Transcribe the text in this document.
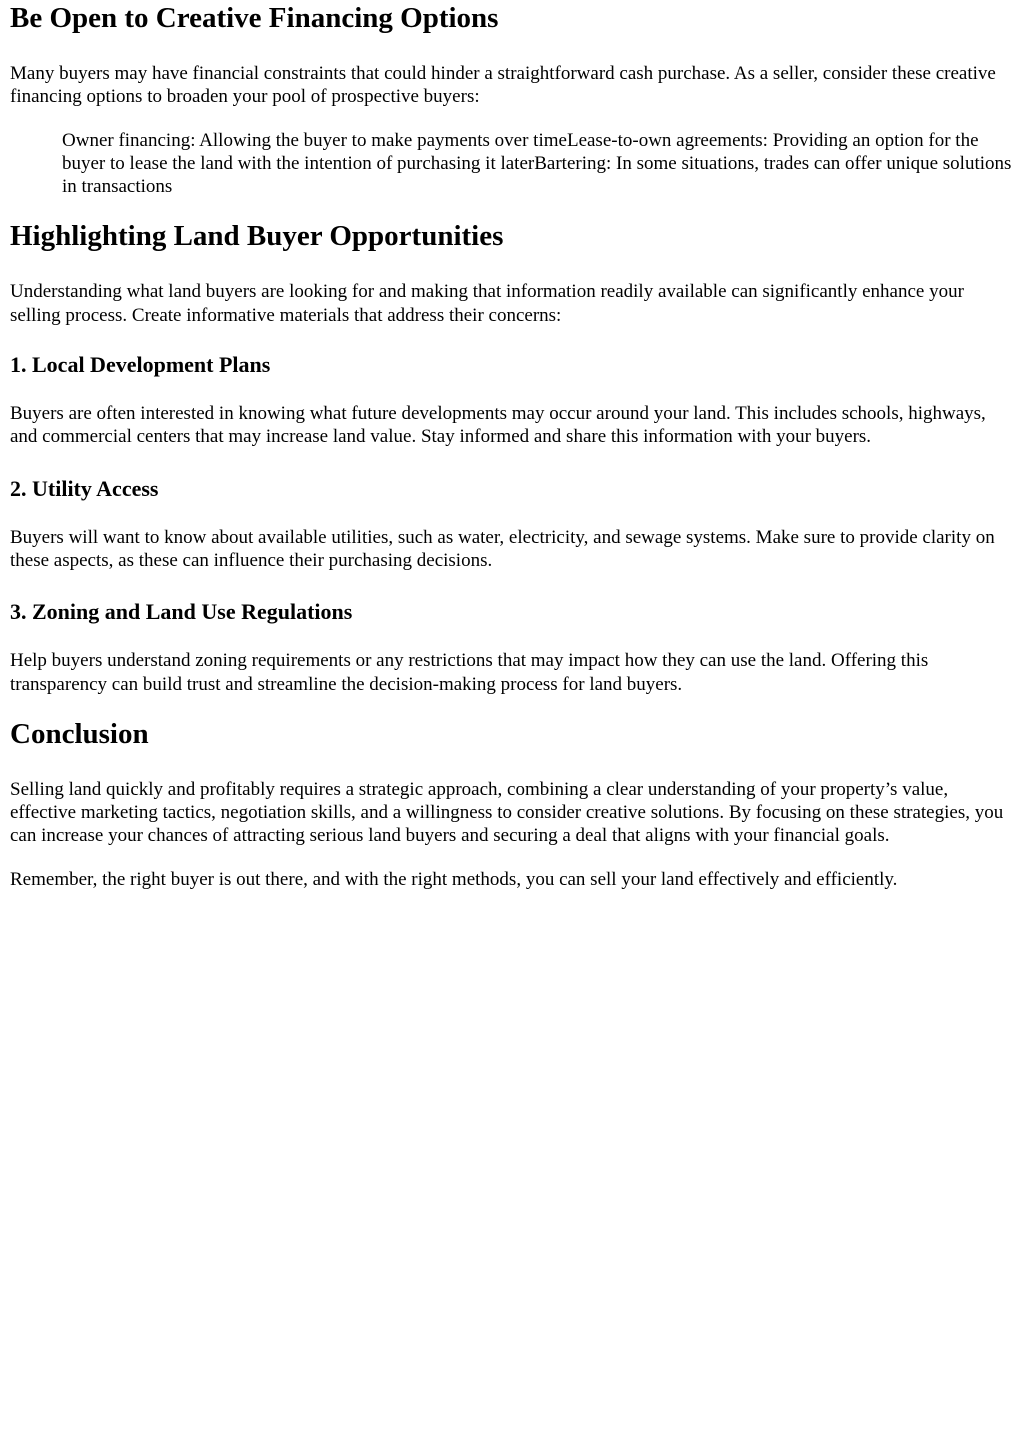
Be Open to Creative Financing Options

Many buyers may have financial constraints that could hinder a straightforward cash purchase. As a seller, consider these creative financing options to broaden your pool of prospective buyers:

Owner financing: Allowing the buyer to make payments over timeLease-to-own agreements: Providing an option for the buyer to lease the land with the intention of purchasing it laterBartering: In some situations, trades can offer unique solutions in transactions
Highlighting Land Buyer Opportunities

Understanding what land buyers are looking for and making that information readily available can significantly enhance your selling process. Create informative materials that address their concerns:

1. Local Development Plans

Buyers are often interested in knowing what future developments may occur around your land. This includes schools, highways, and commercial centers that may increase land value. Stay informed and share this information with your buyers.

2. Utility Access

Buyers will want to know about available utilities, such as water, electricity, and sewage systems. Make sure to provide clarity on these aspects, as these can influence their purchasing decisions.

3. Zoning and Land Use Regulations

Help buyers understand zoning requirements or any restrictions that may impact how they can use the land. Offering this transparency can build trust and streamline the decision-making process for land buyers.

Conclusion

Selling land quickly and profitably requires a strategic approach, combining a clear understanding of your property’s value, effective marketing tactics, negotiation skills, and a willingness to consider creative solutions. By focusing on these strategies, you can increase your chances of attracting serious land buyers and securing a deal that aligns with your financial goals.

Remember, the right buyer is out there, and with the right methods, you can sell your land effectively and efficiently.
